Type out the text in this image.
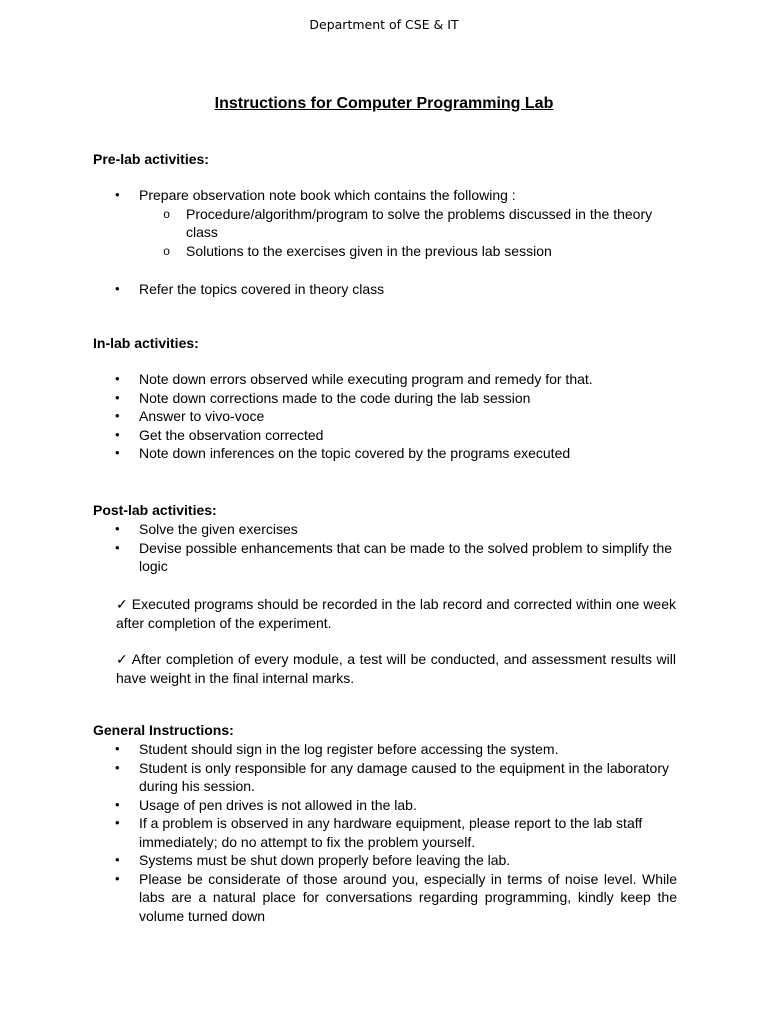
Department of CSE & IT
Instructions for Computer Programming Lab
Pre-lab activities:
• Prepare observation note book which contains the following :
o Procedure/algorithm/program to solve the problems discussed in the theory class
o Solutions to the exercises given in the previous lab session
• Refer the topics covered in theory class
In-lab activities:
• Note down errors observed while executing program and remedy for that.
• Note down corrections made to the code during the lab session
• Answer to vivo-voce
• Get the observation corrected
• Note down inferences on the topic covered by the programs executed
Post-lab activities:
• Solve the given exercises
• Devise possible enhancements that can be made to the solved problem to simplify the logic
✓ Executed programs should be recorded in the lab record and corrected within one week after completion of the experiment.
✓ After completion of every module, a test will be conducted, and assessment results will have weight in the final internal marks.
General Instructions:
• Student should sign in the log register before accessing the system.
• Student is only responsible for any damage caused to the equipment in the laboratory during his session.
• Usage of pen drives is not allowed in the lab.
• If a problem is observed in any hardware equipment, please report to the lab staff immediately; do no attempt to fix the problem yourself.
• Systems must be shut down properly before leaving the lab.
• Please be considerate of those around you, especially in terms of noise level. While labs are a natural place for conversations regarding programming, kindly keep the volume turned down
